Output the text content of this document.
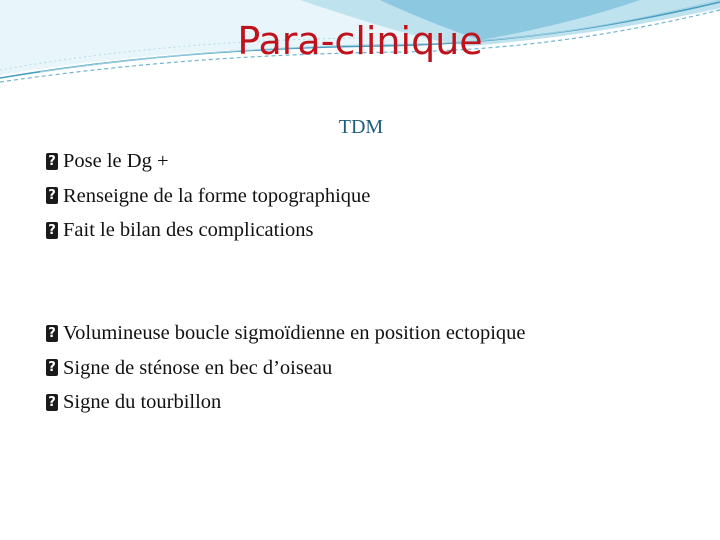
Para-clinique
TDM
? Pose le Dg +
? Renseigne de la forme topographique
? Fait le bilan des complications
? Volumineuse boucle sigmoïdienne en position ectopique
? Signe de sténose en bec d’oiseau
? Signe du tourbillon
